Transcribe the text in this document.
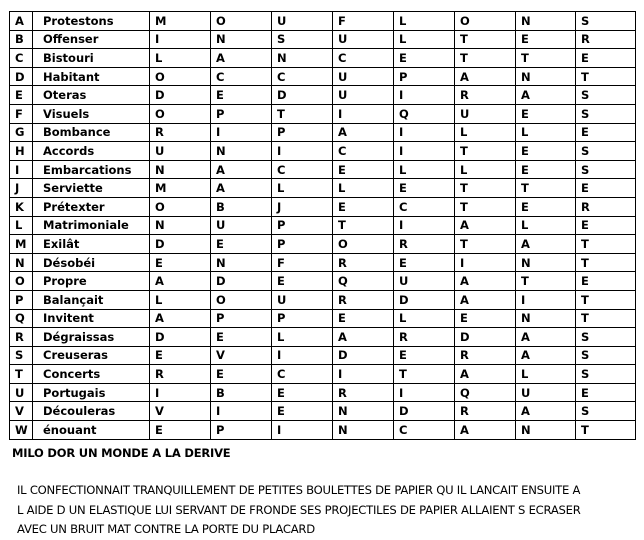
A	Protestons	M	O	U	F	L	O	N	S
B	Offenser	I	N	S	U	L	T	E	R
C	Bistouri	L	A	N	C	E	T	T	E
D	Habitant	O	C	C	U	P	A	N	T
E	Oteras	D	E	D	U	I	R	A	S
F	Visuels	O	P	T	I	Q	U	E	S
G	Bombance	R	I	P	A	I	L	L	E
H	Accords	U	N	I	C	I	T	E	S
I	Embarcations	N	A	C	E	L	L	E	S
J	Serviette	M	A	L	L	E	T	T	E
K	Prétexter	O	B	J	E	C	T	E	R
L	Matrimoniale	N	U	P	T	I	A	L	E
M	Exilât	D	E	P	O	R	T	A	T
N	Désobéi	E	N	F	R	E	I	N	T
O	Propre	A	D	E	Q	U	A	T	E
P	Balançait	L	O	U	R	D	A	I	T
Q	Invitent	A	P	P	E	L	E	N	T
R	Dégraissas	D	E	L	A	R	D	A	S
S	Creuseras	E	V	I	D	E	R	A	S
T	Concerts	R	E	C	I	T	A	L	S
U	Portugais	I	B	E	R	I	Q	U	E
V	Découleras	V	I	E	N	D	R	A	S
W	énouant	E	P	I	N	C	A	N	T
MILO DOR UN MONDE A LA DERIVE
IL CONFECTIONNAIT TRANQUILLEMENT DE PETITES BOULETTES DE PAPIER QU IL LANCAIT ENSUITE A
L AIDE D UN ELASTIQUE LUI SERVANT DE FRONDE SES PROJECTILES DE PAPIER ALLAIENT S ECRASER
AVEC UN BRUIT MAT CONTRE LA PORTE DU PLACARD
